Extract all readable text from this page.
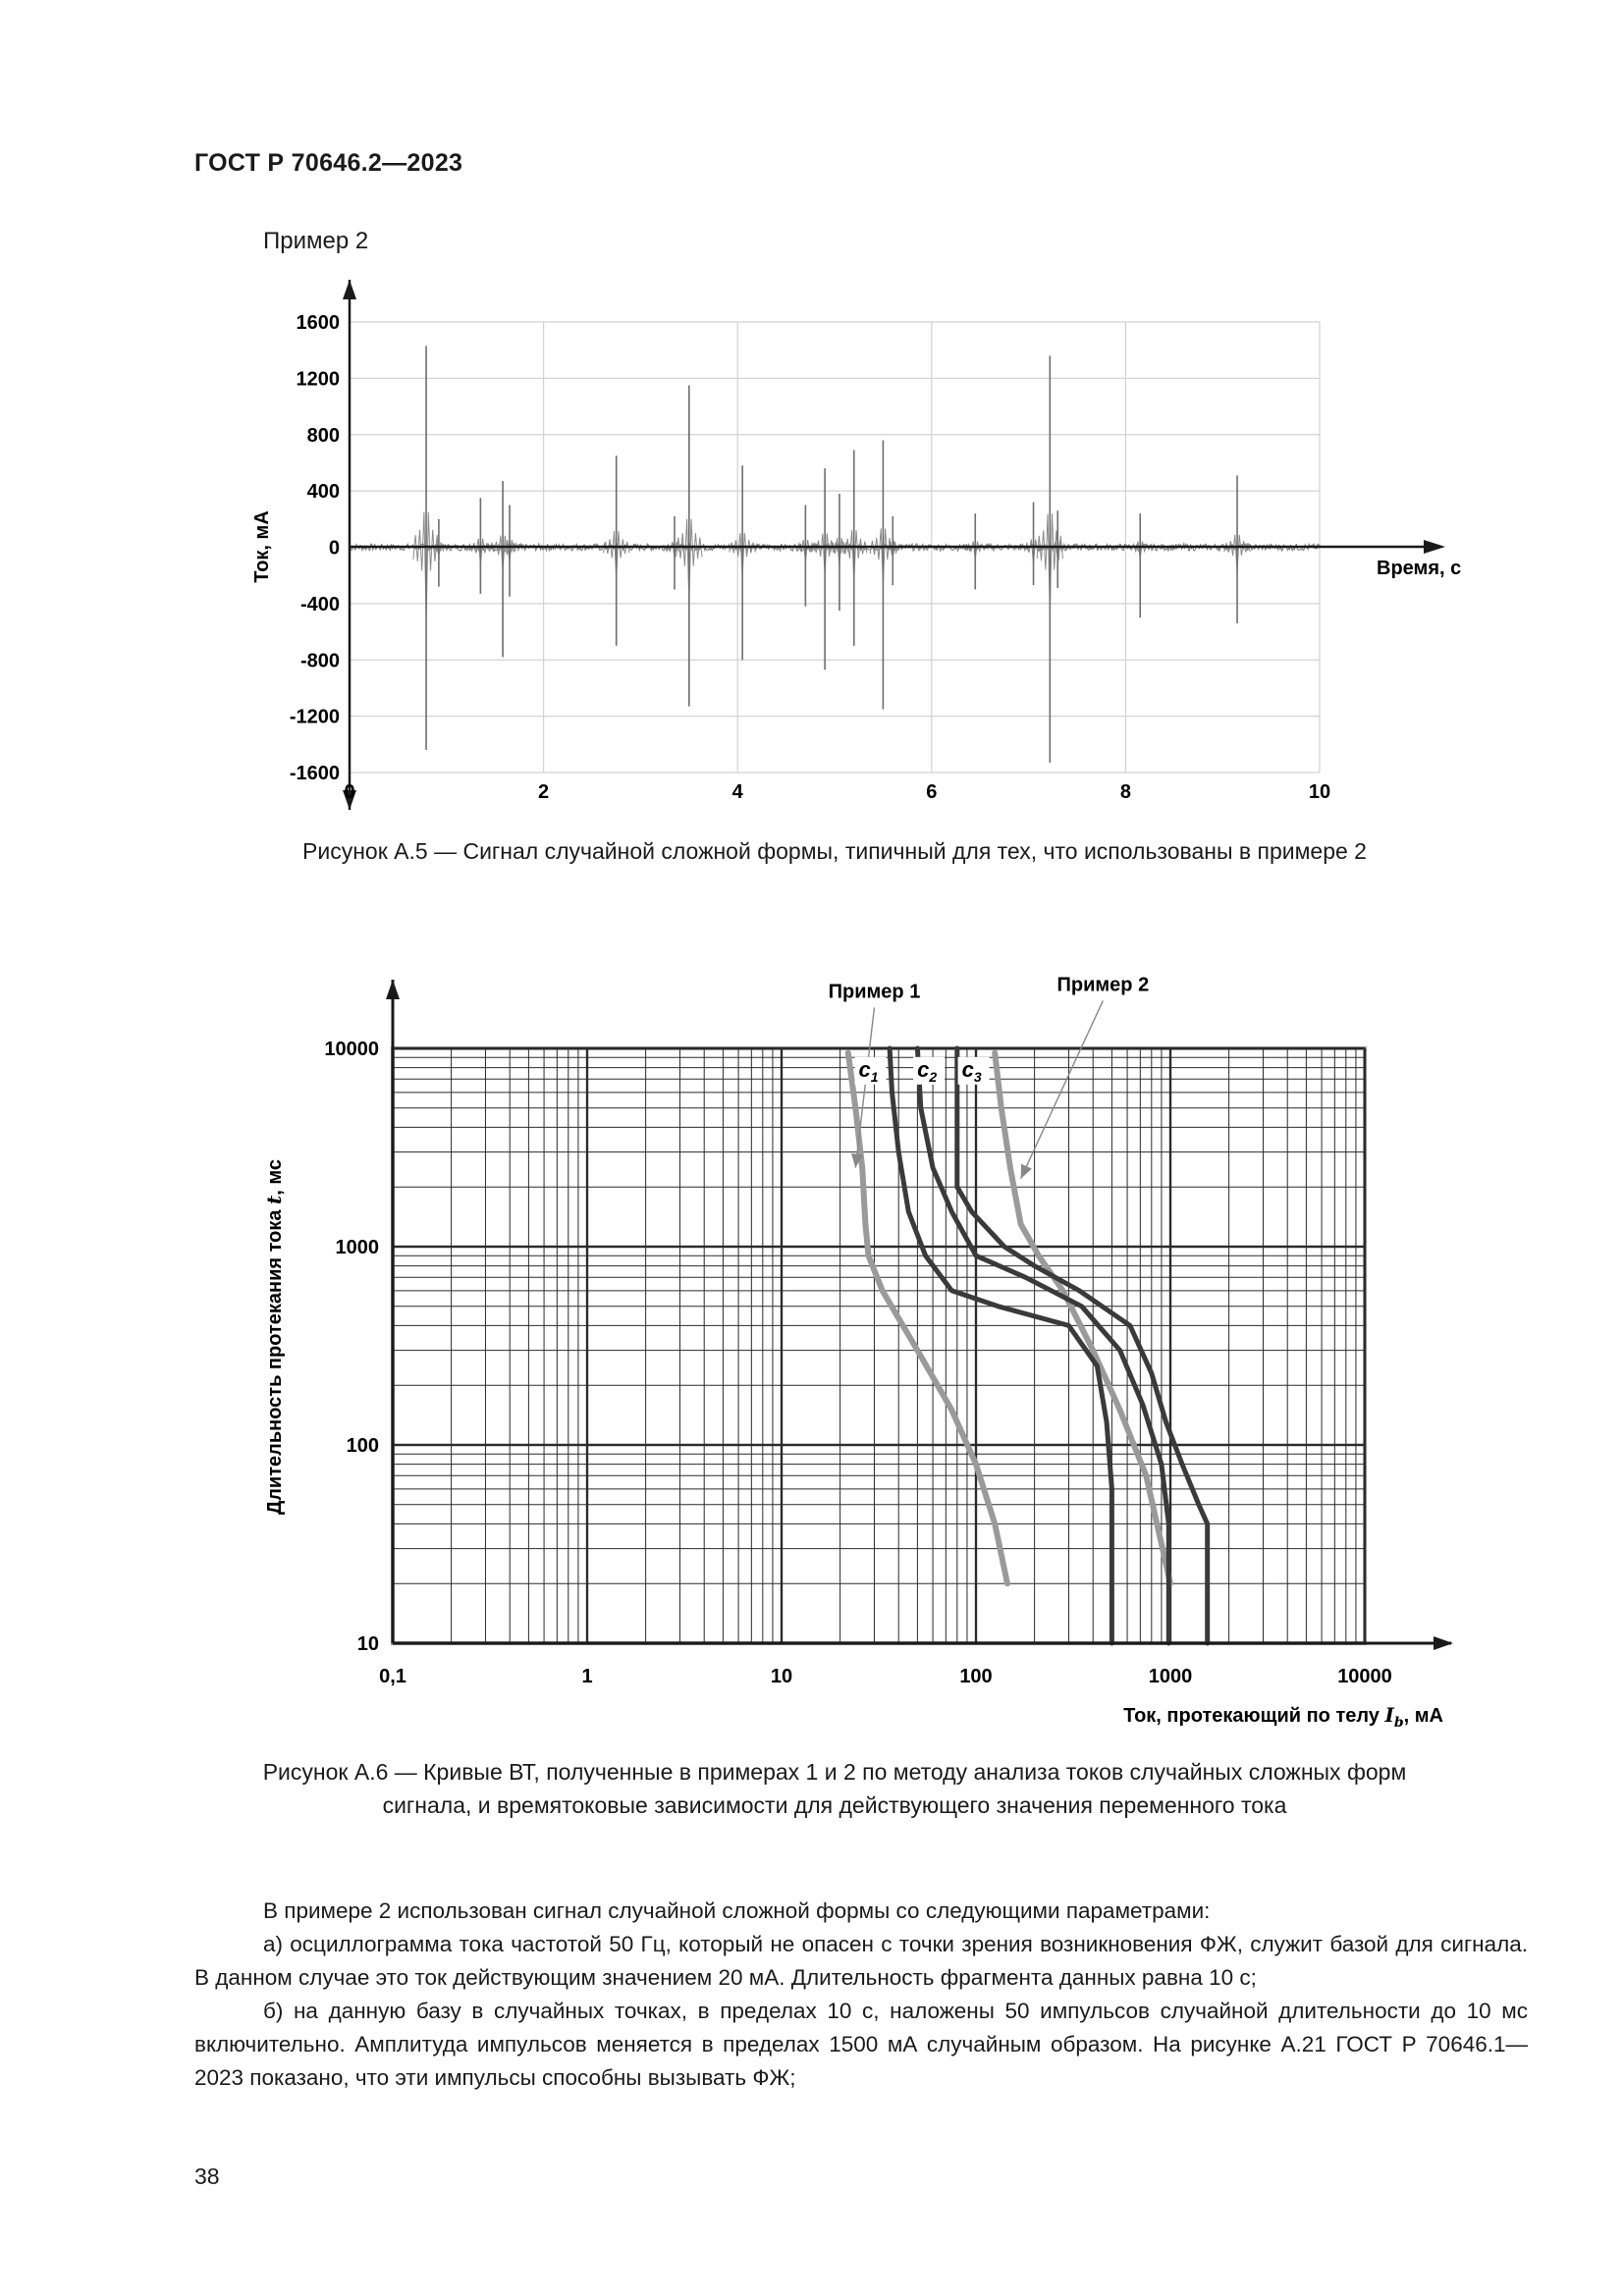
ГОСТ Р 70646.2—2023
Пример 2
1600
1200
800
400
0
-400
-800
-1200
-1600
0	2	4	6	8	10
Время, с
Ток, мА
Рисунок А.5 — Сигнал случайной сложной формы, типичный для тех, что использованы в примере 2
Пример 1	Пример 2
$c_1$ $c_2$ $c_3$
10000
1000
100
10
0,1	1	10	100	1000	10000
Длительность протекания тока t, мс
Ток, протекающий по телу $I_b$, мА
Рисунок А.6 — Кривые ВТ, полученные в примерах 1 и 2 по методу анализа токов случайных сложных форм
сигнала, и времятоковые зависимости для действующего значения переменного тока

В примере 2 использован сигнал случайной сложной формы со следующими параметрами:

а) осциллограмма тока частотой 50 Гц, который не опасен с точки зрения возникновения ФЖ, служит базой для сигнала. В данном случае это ток действующим значением 20 мА. Длительность фрагмента данных равна 10 с;

б) на данную базу в случайных точках, в пределах 10 с, наложены 50 импульсов случайной длительности до 10 мс включительно. Амплитуда импульсов меняется в пределах 1500 мА случайным образом. На рисунке А.21 ГОСТ Р 70646.1—2023 показано, что эти импульсы способны вызывать ФЖ;

38
